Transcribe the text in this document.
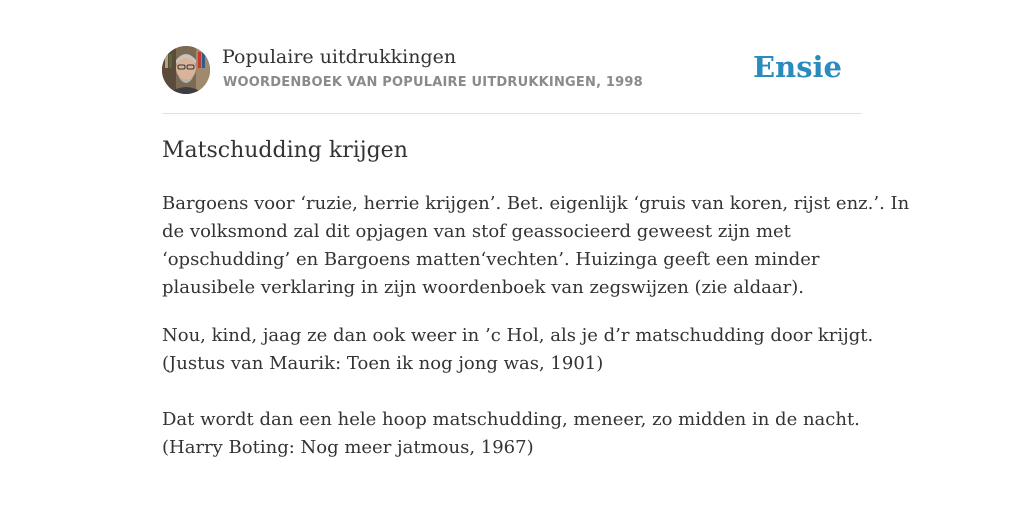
Populaire uitdrukkingen
WOORDENBOEK VAN POPULAIRE UITDRUKKINGEN, 1998	Ensie
Matschudding krijgen

Bargoens voor ‘ruzie, herrie krijgen’. Bet. eigenlijk ‘gruis van koren, rijst enz.’. In
de volksmond zal dit opjagen van stof geassocieerd geweest zijn met
‘opschudding’ en Bargoens matten‘vechten’. Huizinga geeft een minder
plausibele verklaring in zijn woordenboek van zegswijzen (zie aldaar).

Nou, kind, jaag ze dan ook weer in ’c Hol, als je d’r matschudding door krijgt.
(Justus van Maurik: Toen ik nog jong was, 1901)

Dat wordt dan een hele hoop matschudding, meneer, zo midden in de nacht.
(Harry Boting: Nog meer jatmous, 1967)
